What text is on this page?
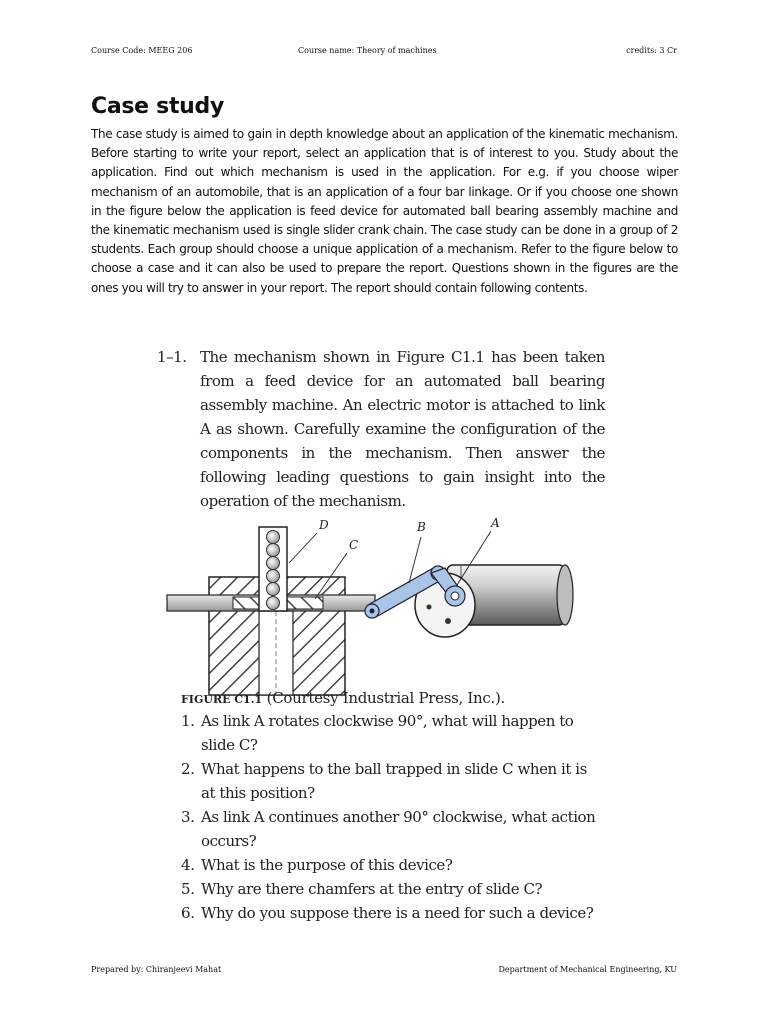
Course Code: MEEG 206	Course name: Theory of machines	credits: 3 Cr
Case study
The case study is aimed to gain in depth knowledge about an application of the kinematic mechanism. Before starting to write your report, select an application that is of interest to you. Study about the application. Find out which mechanism is used in the application. For e.g. if you choose wiper mechanism of an automobile, that is an application of a four bar linkage. Or if you choose one shown in the figure below the application is feed device for automated ball bearing assembly machine and the kinematic mechanism used is single slider crank chain. The case study can be done in a group of 2 students. Each group should choose a unique application of a mechanism. Refer to the figure below to choose a case and it can also be used to prepare the report. Questions shown in the figures are the ones you will try to answer in your report. The report should contain following contents.
1–1. The mechanism shown in Figure C1.1 has been taken from a feed device for an automated ball bearing assembly machine. An electric motor is attached to link A as shown. Carefully examine the configuration of the components in the mechanism. Then answer the following leading questions to gain insight into the operation of the mechanism.
D
C
B	A
FIGURE C1.1 (Courtesy Industrial Press, Inc.).
1. As link A rotates clockwise 90°, what will happen to slide C?
2. What happens to the ball trapped in slide C when it is at this position?
3. As link A continues another 90° clockwise, what action occurs?
4. What is the purpose of this device?
5. Why are there chamfers at the entry of slide C?
6. Why do you suppose there is a need for such a device?
Prepared by: Chiranjeevi Mahat	Department of Mechanical Engineering, KU
